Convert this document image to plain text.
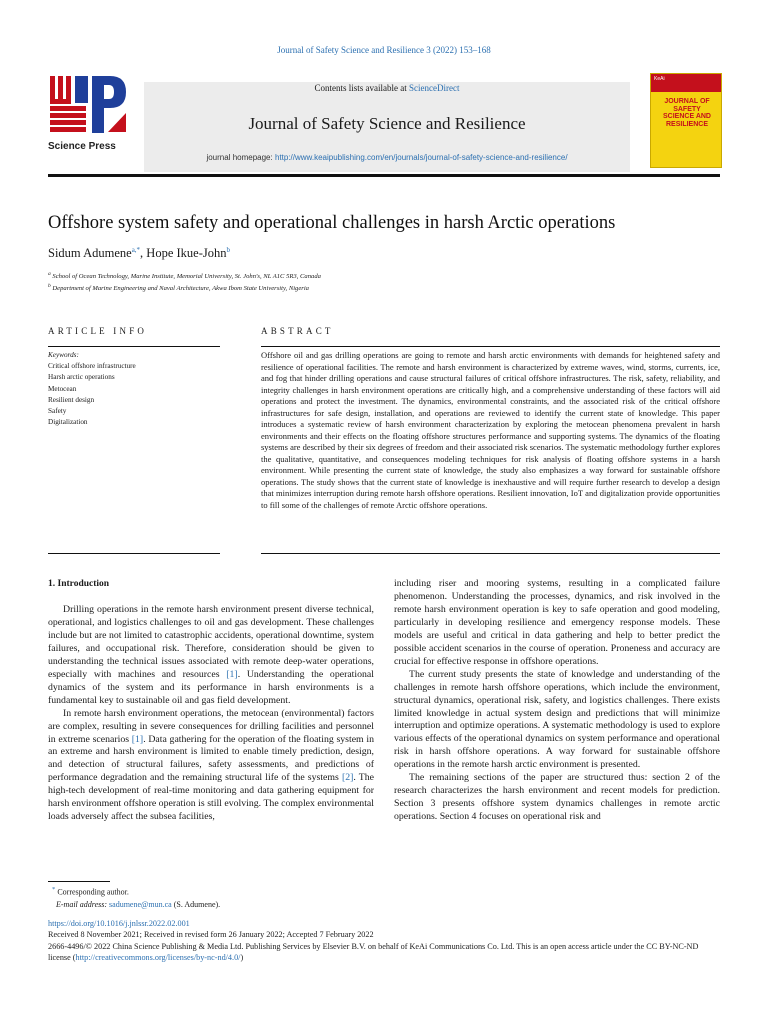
Journal of Safety Science and Resilience 3 (2022) 153–168
Science Press
Contents lists available at ScienceDirect
Journal of Safety Science and Resilience
journal homepage: http://www.keaipublishing.com/en/journals/journal-of-safety-science-and-resilience/
KeAi
JOURNAL OF SAFETY SCIENCE AND RESILIENCE
Offshore system safety and operational challenges in harsh Arctic operations
Sidum Adumene$^{a,*}$, Hope Ikue-John$^b$
$^a$ School of Ocean Technology, Marine Institute, Memorial University, St. John's, NL A1C 5R3, Canada
$^b$ Department of Marine Engineering and Naval Architecture, Akwa Ibom State University, Nigeria
ARTICLE INFO	ABSTRACT
Keywords:
Critical offshore infrastructure
Harsh arctic operations
Metocean
Resilient design
Safety
Digitalization
Offshore oil and gas drilling operations are going to remote and harsh arctic environments with demands for heightened safety and resilience of operational facilities. The remote and harsh environment is characterized by extreme waves, wind, storms, currents, ice, and fog that hinder drilling operations and cause structural failures of critical offshore infrastructures. The risk, safety, reliability, and integrity challenges in harsh environment operations are critically high, and a comprehensive understanding of these factors will aid operations and protect the investment. The dynamics, environmental constraints, and the associated risk of the critical offshore infrastructures for safe design, installation, and operations are reviewed to identify the current state of knowledge. This paper introduces a systematic review of harsh environment characterization by exploring the metocean phenomena prevalent in harsh environments and their effects on the floating offshore structures performance and supporting systems. The dynamics of the floating systems are described by their six degrees of freedom and their associated risk scenarios. The systematic methodology further explores the qualitative, quantitative, and consequences modeling techniques for risk analysis of floating offshore systems in a harsh environment. While presenting the current state of knowledge, the study also emphasizes a way forward for sustainable offshore operations. The study shows that the current state of knowledge is inexhaustive and will require further research to develop a design that minimizes interruption during remote harsh offshore operations. Resilient innovation, IoT and digitalization provide opportunities to fill some of the challenges of remote Arctic offshore operations.
1. Introduction

Drilling operations in the remote harsh environment present diverse technical, operational, and logistics challenges to oil and gas development. These challenges include but are not limited to catastrophic accidents, operational downtime, system failures, and occupational risk. Therefore, consideration should be given to understanding the technical issues associated with remote deep-water operations, especially with machines and resources [1]. Understanding the operational dynamics of the system and its performance in harsh environments is a fundamental key to sustainable oil and gas field development.

In remote harsh environment operations, the metocean (environmental) factors are complex, resulting in severe consequences for drilling facilities and personnel in extreme scenarios [1]. Data gathering for the operation of the floating system in an extreme and harsh environment is limited to enable timely prediction, design, and detection of structural failures, safety assessments, and predictions of performance degradation and the remaining structural life of the systems [2]. The high-tech development of real-time monitoring and data gathering equipment for harsh environment offshore operation is still evolving. The complex environmental loads adversely affect the subsea facilities,

including riser and mooring systems, resulting in a complicated failure phenomenon. Understanding the processes, dynamics, and risk involved in the remote harsh environment operation is key to safe operation and good modeling, particularly in developing resilience and emergency response models. These models are useful and critical in data gathering and help to better predict the possible accident scenarios in the course of operation. Proneness and accuracy are crucial for effective response in offshore operations.

The current study presents the state of knowledge and understanding of the challenges in remote harsh offshore operations, which include the environment, structural dynamics, operational risk, safety, and logistics challenges. There exists limited knowledge in actual system design and predictions that will minimize interruption and optimize operations. A systematic methodology is used to explore various effects of the operational dynamics on system performance and operational risk in harsh offshore operations. A way forward for sustainable offshore operations in the remote harsh arctic environment is presented.

The remaining sections of the paper are structured thus: section 2 of the research characterizes the harsh environment and recent models for prediction. Section 3 presents offshore system dynamics challenges in remote arctic operations. Section 4 focuses on operational risk and

* Corresponding author.
E-mail address: sadumene@mun.ca (S. Adumene).
https://doi.org/10.1016/j.jnlssr.2022.02.001
Received 8 November 2021; Received in revised form 26 January 2022; Accepted 7 February 2022
2666-4496/© 2022 China Science Publishing & Media Ltd. Publishing Services by Elsevier B.V. on behalf of KeAi Communications Co. Ltd. This is an open access article under the CC BY-NC-ND license (http://creativecommons.org/licenses/by-nc-nd/4.0/)
